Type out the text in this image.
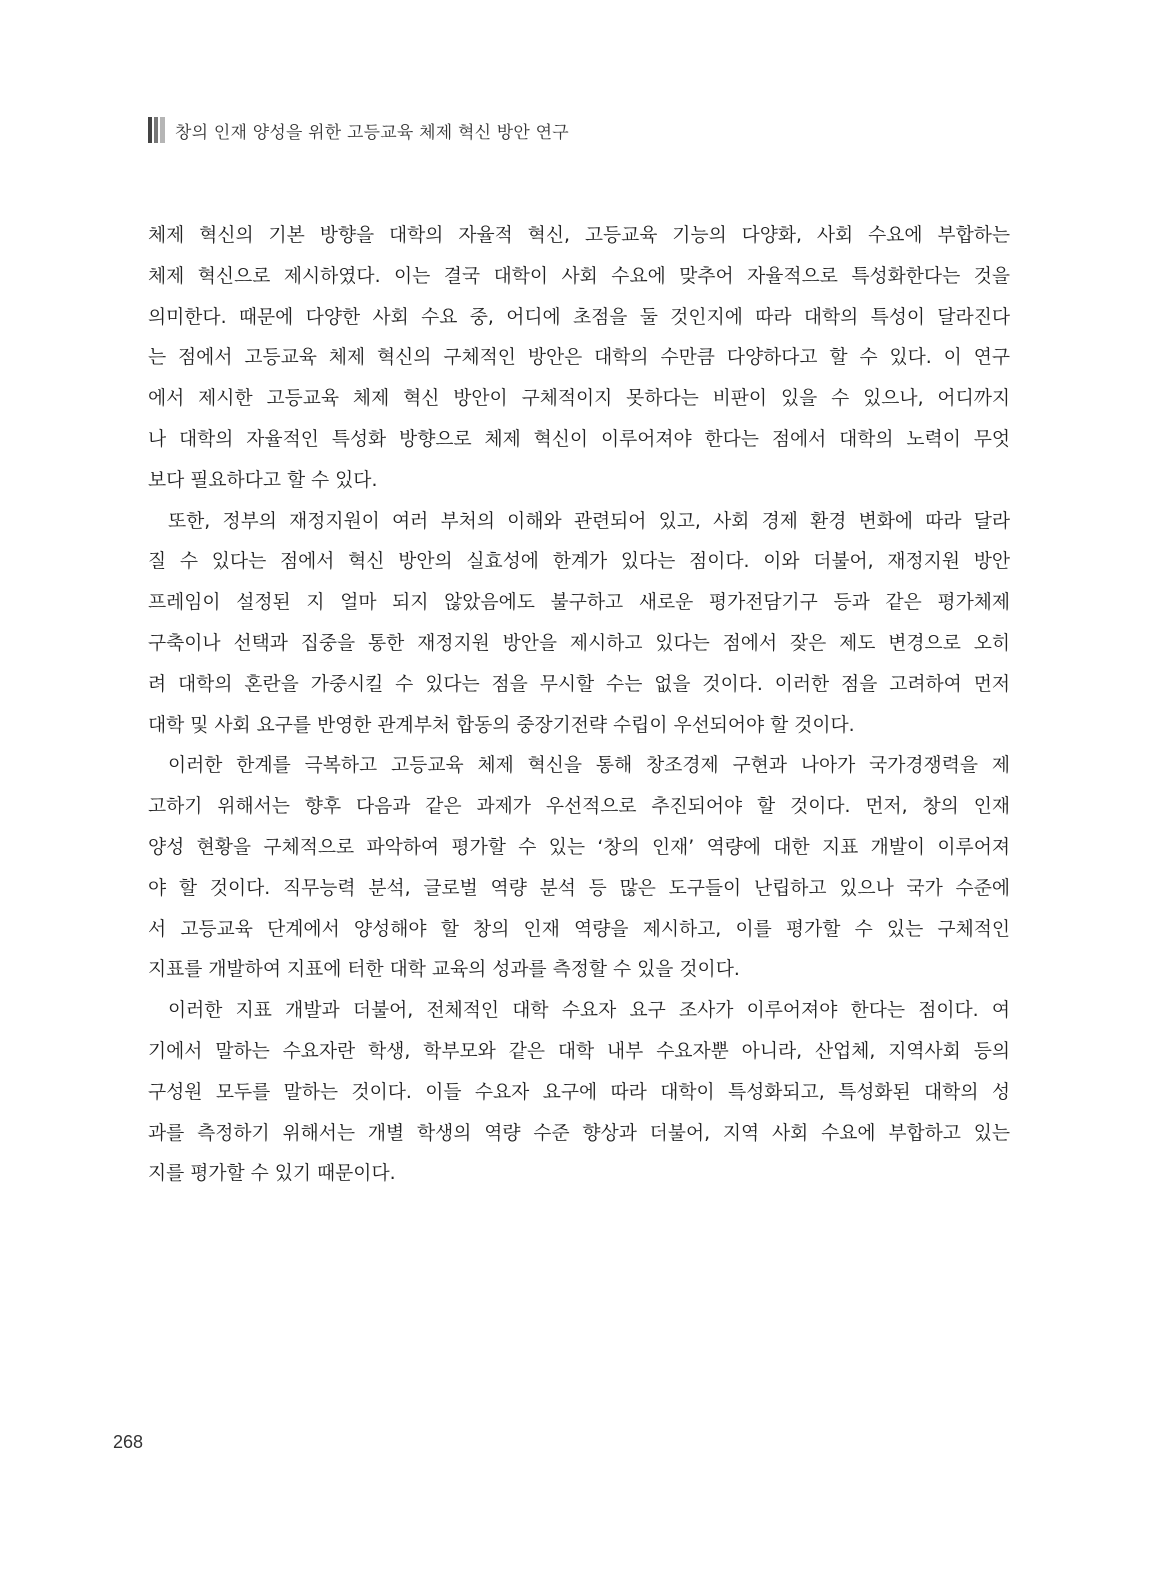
창의 인재 양성을 위한 고등교육 체제 혁신 방안 연구
체제 혁신의 기본 방향을 대학의 자율적 혁신, 고등교육 기능의 다양화, 사회 수요에 부합하는
체제 혁신으로 제시하였다. 이는 결국 대학이 사회 수요에 맞추어 자율적으로 특성화한다는 것을
의미한다. 때문에 다양한 사회 수요 중, 어디에 초점을 둘 것인지에 따라 대학의 특성이 달라진다
는 점에서 고등교육 체제 혁신의 구체적인 방안은 대학의 수만큼 다양하다고 할 수 있다. 이 연구
에서 제시한 고등교육 체제 혁신 방안이 구체적이지 못하다는 비판이 있을 수 있으나, 어디까지
나 대학의 자율적인 특성화 방향으로 체제 혁신이 이루어져야 한다는 점에서 대학의 노력이 무엇
보다 필요하다고 할 수 있다.
또한, 정부의 재정지원이 여러 부처의 이해와 관련되어 있고, 사회 경제 환경 변화에 따라 달라
질 수 있다는 점에서 혁신 방안의 실효성에 한계가 있다는 점이다. 이와 더불어, 재정지원 방안
프레임이 설정된 지 얼마 되지 않았음에도 불구하고 새로운 평가전담기구 등과 같은 평가체제
구축이나 선택과 집중을 통한 재정지원 방안을 제시하고 있다는 점에서 잦은 제도 변경으로 오히
려 대학의 혼란을 가중시킬 수 있다는 점을 무시할 수는 없을 것이다. 이러한 점을 고려하여 먼저
대학 및 사회 요구를 반영한 관계부처 합동의 중장기전략 수립이 우선되어야 할 것이다.
이러한 한계를 극복하고 고등교육 체제 혁신을 통해 창조경제 구현과 나아가 국가경쟁력을 제
고하기 위해서는 향후 다음과 같은 과제가 우선적으로 추진되어야 할 것이다. 먼저, 창의 인재
양성 현황을 구체적으로 파악하여 평가할 수 있는 ‘창의 인재’ 역량에 대한 지표 개발이 이루어져
야 할 것이다. 직무능력 분석, 글로벌 역량 분석 등 많은 도구들이 난립하고 있으나 국가 수준에
서 고등교육 단계에서 양성해야 할 창의 인재 역량을 제시하고, 이를 평가할 수 있는 구체적인
지표를 개발하여 지표에 터한 대학 교육의 성과를 측정할 수 있을 것이다.
이러한 지표 개발과 더불어, 전체적인 대학 수요자 요구 조사가 이루어져야 한다는 점이다. 여
기에서 말하는 수요자란 학생, 학부모와 같은 대학 내부 수요자뿐 아니라, 산업체, 지역사회 등의
구성원 모두를 말하는 것이다. 이들 수요자 요구에 따라 대학이 특성화되고, 특성화된 대학의 성
과를 측정하기 위해서는 개별 학생의 역량 수준 향상과 더불어, 지역 사회 수요에 부합하고 있는
지를 평가할 수 있기 때문이다.
268
